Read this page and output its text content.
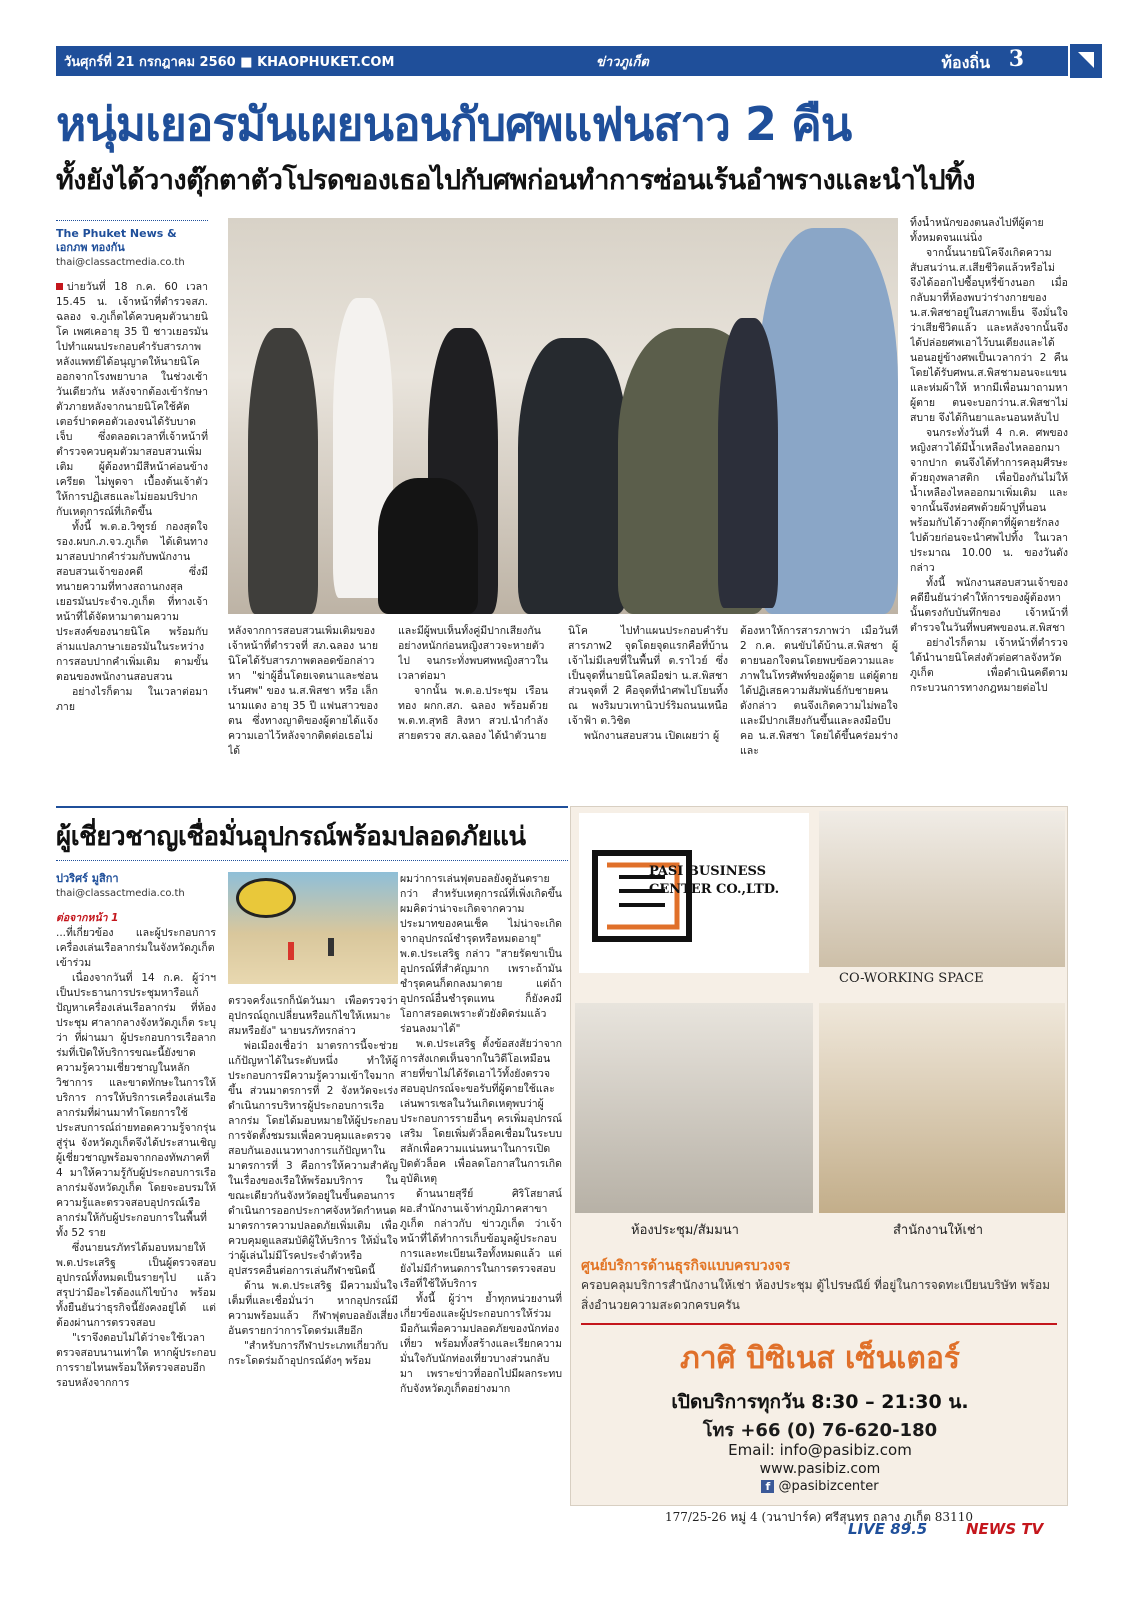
วันศุกร์ที่ 21 กรกฎาคม 2560 ■ KHAOPHUKET.COM	ข่าวภูเก็ต	ท้องถิ่น 3
หนุ่มเยอรมันเผยนอนกับศพแฟนสาว 2 คืน
ทั้งยังได้วางตุ๊กตาตัวโปรดของเธอไปกับศพก่อนทำการซ่อนเร้นอำพรางและนำไปทิ้ง
The Phuket News &
เอกภพ ทองกัน
thai@classactmedia.co.th

บ่ายวันที่ 18 ก.ค. 60 เวลา 15.45 น. เจ้าหน้าที่ตำรวจสภ. ฉลอง จ.ภูเก็ตได้ควบคุมตัวนายนิโค เพศเคอายุ 35 ปี ชาวเยอรมันไปทำแผนประกอบคำรับสารภาพ หลังแพทย์ได้อนุญาตให้นายนิโคออกจากโรงพยาบาล ในช่วงเช้าวันเดียวกัน หลังจากต้องเข้ารักษาตัวภายหลังจากนายนิโคใช้คัตเตอร์ปาดคอตัวเองจนได้รับบาดเจ็บ ซึ่งตลอดเวลาที่เจ้าหน้าที่ตำรวจควบคุมตัวมาสอบสวนเพิ่มเติม ผู้ต้องหามีสีหน้าค่อนข้างเครียด ไม่พูดจา เบื้องต้นเจ้าตัวให้การปฏิเสธและไม่ยอมปริปากกับเหตุการณ์ที่เกิดขึ้น

ทั้งนี้ พ.ต.อ.วิฑูรย์ กองสุดใจ รอง.ผบก.ภ.จว.ภูเก็ต ได้เดินทางมาสอบปากคำร่วมกับพนักงานสอบสวนเจ้าของคดี ซึ่งมีทนายความที่ทางสถานกงสุลเยอรมันประจำจ.ภูเก็ต ที่ทางเจ้าหน้าที่ได้จัดหามาตามความประสงค์ของนายนิโค พร้อมกับล่ามแปลภาษาเยอรมันในระหว่างการสอบปากคำเพิ่มเติม ตามขั้นตอนของพนักงานสอบสวน

อย่างไรก็ตาม ในเวลาต่อมาภาย

หลังจากการสอบสวนเพิ่มเติมของเจ้าหน้าที่ตำรวจที่ สภ.ฉลอง นายนิโคได้รับสารภาพตลอดข้อกล่าวหา "ฆ่าผู้อื่นโดยเจตนาและซ่อนเร้นศพ" ของ น.ส.พิสชา หรือ เล็ก นามแดง อายุ 35 ปี แฟนสาวของตน ซึ่งทางญาติของผู้ตายได้แจ้งความเอาไว้หลังจากติดต่อเธอไม่ได้

และมีผู้พบเห็นทั้งคู่มีปากเสียงกันอย่างหนักก่อนหญิงสาวจะหายตัวไป จนกระทั่งพบศพหญิงสาวในเวลาต่อมา

จากนั้น พ.ต.อ.ประชุม เรือนทอง ผกก.สภ. ฉลอง พร้อมด้วย พ.ต.ท.สุทธิ สิงหา สวป.นำกำลังสายตรวจ สภ.ฉลอง ได้นำตัวนาย

นิโค ไปทำแผนประกอบคำรับสารภาพ2 จุดโดยจุดแรกคือที่บ้านเจ้าไม่มีเลขที่ในพื้นที่ ต.ราไวย์ ซึ่งเป็นจุดที่นายนิโคลมือฆ่า น.ส.พิสชา ส่วนจุดที่ 2 คือจุดที่นำศพไปโยนทิ้ง ณ พงริมบวเทานิวปร์ริมถนนเหนือเจ้าฟ้า ต.วิชิต

พนักงานสอบสวน เปิดเผยว่า ผู้

ต้องหาให้การสารภาพว่า เมื่อวันที่ 2 ก.ค. ตนขับได้บ้าน.ส.พิสชา ผู้ตายนอกใจตนโดยพบข้อความและภาพในโทรศัพท์ของผู้ตาย แต่ผู้ตายได้ปฏิเสธความสัมพันธ์กับชายคนดังกล่าว ตนจึงเกิดความไม่พอใจและมีปากเสียงกันขึ้นและลงมือบีบคอ น.ส.พิสชา โดยได้ขึ้นคร่อมร่างและ

ทิ้งน้ำหนักของตนลงไปที่ผู้ตายทั้งหมดจนแน่นิ่ง

จากนั้นนายนิโคจึงเกิดความสับสนว่าน.ส.เสียชีวิตแล้วหรือไม่ จึงได้ออกไปซื้อบุหรี่ข้างนอก เมื่อกลับมาที่ห้องพบว่าร่างกายของน.ส.พิสชาอยู่ในสภาพเย็น จึงมั่นใจว่าเสียชีวิตแล้ว และหลังจากนั้นจึงได้ปล่อยศพเอาไว้บนเตียงและได้นอนอยู่ข้างศพเป็นเวลากว่า 2 คืน โดยได้รับศพน.ส.พิสชามอนจะแขนและห่มผ้าให้ หากมีเพื่อนมาถามหาผู้ตาย ตนจะบอกว่าน.ส.พิสชาไม่สบาย จึงได้กินยาและนอนหลับไป

จนกระทั่งวันที่ 4 ก.ค. ศพของหญิงสาวได้มีน้ำเหลืองไหลออกมาจากปาก ตนจึงได้ทำการคลุมศีรษะด้วยถุงพลาสติก เพื่อป้องกันไม่ให้น้ำเหลืองไหลออกมาเพิ่มเติม และจากนั้นจึงห่อศพด้วยผ้าปูที่นอนพร้อมกับได้วางตุ๊กตาที่ผู้ตายรักลงไปด้วยก่อนจะนำศพไปทิ้ง ในเวลาประมาณ 10.00 น. ของวันดังกล่าว

ทั้งนี้ พนักงานสอบสวนเจ้าของคดียืนยันว่าคำให้การของผู้ต้องหานั้นตรงกับบันทึกของ เจ้าหน้าที่ตำรวจในวันที่พบศพของน.ส.พิสชา

อย่างไรก็ตาม เจ้าหน้าที่ตำรวจได้นำนายนิโคส่งตัวต่อศาลจังหวัดภูเก็ต เพื่อดำเนินคดีตามกระบวนการทางกฎหมายต่อไป

ผู้เชี่ยวชาญเชื่อมั่นอุปกรณ์พร้อมปลอดภัยแน่
ปวริศร์ มูสิกา
thai@classactmedia.co.th
ต่อจากหน้า 1

...ที่เกี่ยวข้อง และผู้ประกอบการเครื่องเล่นเรือลากร่มในจังหวัดภูเก็ตเข้าร่วม

เนื่องจากวันที่ 14 ก.ค. ผู้ว่าฯ เป็นประธานการประชุมหารือแก้ปัญหาเครื่องเล่นเรือลากร่ม ที่ห้องประชุม ศาลากลางจังหวัดภูเก็ต ระบุว่า ที่ผ่านมา ผู้ประกอบการเรือลากร่มที่เปิดให้บริการขณะนี้ยังขาดความรู้ความเชี่ยวชาญในหลักวิชาการ และขาดทักษะในการให้บริการ การให้บริการเครื่องเล่นเรือลากร่มที่ผ่านมาทำโดยการใช้ประสบการณ์ถ่ายทอดความรู้จากรุ่นสู่รุ่น จังหวัดภูเก็ตจึงได้ประสานเชิญผู้เชี่ยวชาญพร้อมจากกองทัพภาคที่ 4 มาให้ความรู้กับผู้ประกอบการเรือลากร่มจังหวัดภูเก็ต โดยจะอบรมให้ความรู้และตรวจสอบอุปกรณ์เรือลากร่มให้กับผู้ประกอบการในพื้นที่ทั้ง 52 ราย

ซึ่งนายนรภัทรได้มอบหมายให้ พ.ต.ประเสริฐ เป็นผู้ตรวจสอบอุปกรณ์ทั้งหมดเป็นรายๆไป แล้วสรุปว่ามีอะไรต้องแก้ไขบ้าง พร้อมทั้งยืนยันว่าธุรกิจนี้ยังคงอยู่ได้ แต่ต้องผ่านการตรวจสอบ

"เราจึงตอบไม่ได้ว่าจะใช้เวลาตรวจสอบนานเท่าใด หากผู้ประกอบการรายไหนพร้อมให้ตรวจสอบอีกรอบหลังจากการ

ตรวจครั้งแรกก็นัดวันมา เพื่อตรวจว่าอุปกรณ์ถูกเปลี่ยนหรือแก้ไขให้เหมาะสมหรือยัง" นายนรภัทรกล่าว

พ่อเมืองเชื่อว่า มาตรการนี้จะช่วยแก้ปัญหาได้ในระดับหนึ่ง ทำให้ผู้ประกอบการมีความรู้ความเข้าใจมากขึ้น ส่วนมาตรการที่ 2 จังหวัดจะเร่งดำเนินการบริหารผู้ประกอบการเรือลากร่ม โดยได้มอบหมายให้ผู้ประกอบการจัดตั้งชมรมเพื่อควบคุมและตรวจสอบกันเองแนวทางการแก้ปัญหาในมาตรการที่ 3 คือการให้ความสำคัญในเรื่องของเรือให้พร้อมบริการ ในขณะเดียวกันจังหวัดอยู่ในขั้นตอนการดำเนินการออกประกาศจังหวัดกำหนดมาตรการความปลอดภัยเพิ่มเติม เพื่อควบคุมดูแลสมบัติผู้ให้บริการ ให้มั่นใจว่าผู้เล่นไม่มีโรคประจำตัวหรืออุปสรรคอื่นต่อการเล่นกีฬาชนิดนี้

ด้าน พ.ต.ประเสริฐ มีความมั่นใจเต็มที่และเชื่อมั่นว่า หากอุปกรณ์มีความพร้อมแล้ว กีฬาฟุตบอลยังเสี่ยงอันตรายกว่าการโดดร่มเสียอีก

"สำหรับการกีฬาประเภทเกี่ยวกับกระโดดร่มถ้าอุปกรณ์ดังๆ พร้อม

ผมว่าการเล่นฟุตบอลยังดูอันตรายกว่า สำหรับเหตุการณ์ที่เพิ่งเกิดขึ้น ผมคิดว่าน่าจะเกิดจากความประมาทของคนเช็ค ไม่น่าจะเกิดจากอุปกรณ์ชำรุดหรือหมดอายุ" พ.ต.ประเสริฐ กล่าว "สายรัดขาเป็นอุปกรณ์ที่สำคัญมาก เพราะถ้ามันชำรุดคนก็ตกลงมาตาย แต่ถ้าอุปกรณ์อื่นชำรุดแทน ก็ยังคงมีโอกาสรอดเพราะตัวยังติดร่มแล้วร่อนลงมาได้"

พ.ต.ประเสริฐ ตั้งข้อสงสัยว่าจากการสังเกตเห็นจากในวิดีโอเหมือนสายที่ขาไม่ได้รัดเอาไว้ทั้งยังตรวจสอบอุปกรณ์จะขอรับที่ผู้ตายใช้และเล่นพารเซลในวันเกิดเหตุพบว่าผู้ประกอบการรายอื่นๆ ครเพิ่มอุปกรณ์เสริม โดยเพิ่มตัวล็อคเชื่อมในระบบสลักเพื่อความแน่นหนาในการเปิดปิดตัวล็อค เพื่อลดโอกาสในการเกิดอุบัติเหตุ

ด้านนายสุรีย์ ศิริโสยาสน์ ผอ.สำนักงานเจ้าท่าภูมิภาคสาขาภูเก็ต กล่าวกับ ข่าวภูเก็ต ว่าเจ้าหน้าที่ได้ทำการเก็บข้อมูลผู้ประกอบการและทะเบียนเรือทั้งหมดแล้ว แต่ยังไม่มีกำหนดการในการตรวจสอบเรือที่ใช้ให้บริการ

ทั้งนี้ ผู้ว่าฯ ย้ำทุกหน่วยงานที่เกี่ยวข้องและผู้ประกอบการให้ร่วมมือกันเพื่อความปลอดภัยของนักท่องเที่ยว พร้อมทั้งสร้างและเรียกความมั่นใจกับนักท่องเที่ยวบางส่วนกลับมา เพราะข่าวที่ออกไปมีผลกระทบกับจังหวัดภูเก็ตอย่างมาก

PASI BUSINESS CENTER CO.,LTD.
CO-WORKING SPACE
ห้องประชุม/สัมมนา	สำนักงานให้เช่า
ศูนย์บริการด้านธุรกิจแบบครบวงจร
ครอบคลุมบริการสำนักงานให้เช่า ห้องประชุม ตู้ไปรษณีย์ ที่อยู่ในการจดทะเบียนบริษัท พร้อมสิ่งอำนวยความสะดวกครบครัน
ภาศิ บิซิเนส เซ็นเตอร์
เปิดบริการทุกวัน 8:30 – 21:30 น.
โทร +66 (0) 76-620-180
Email: info@pasibiz.com
www.pasibiz.com
f @pasibizcenter
177/25-26 หมู่ 4 (วนาปาร์ค) ศรีสุนทร ถลาง ภูเก็ต 83110
LIVE 89.5	NEWS TV
